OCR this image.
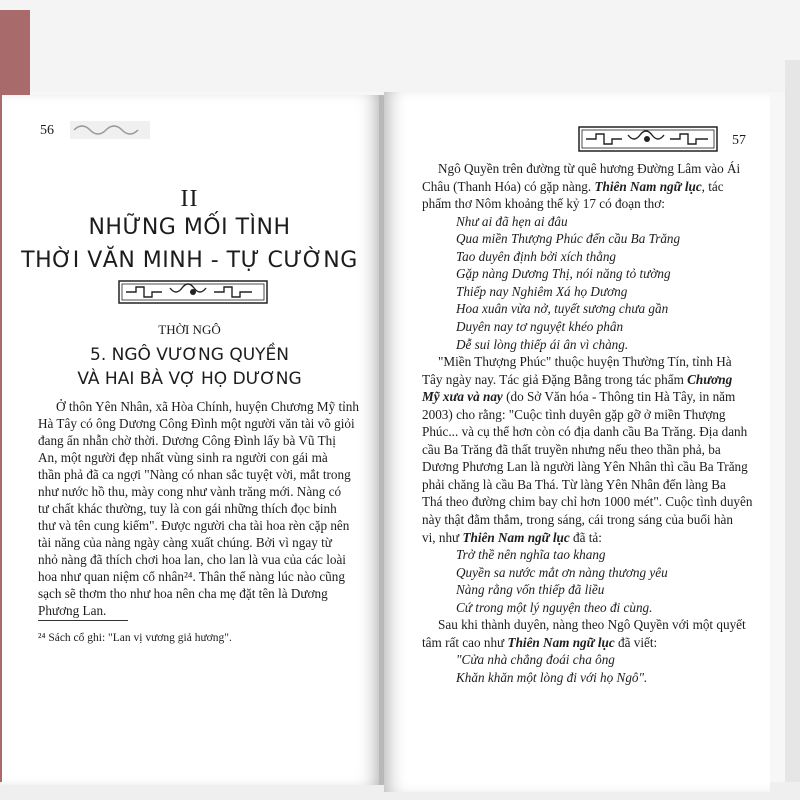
56
II
NHỮNG MỐI TÌNH
THỜI VĂN MINH - TỰ CƯỜNG
THỜI NGÔ
5. NGÔ VƯƠNG QUYỀN
VÀ HAI BÀ VỢ HỌ DƯƠNG
Ở thôn Yên Nhân, xã Hòa Chính, huyện Chương Mỹ tỉnh
Hà Tây có ông Dương Công Đình một người văn tài võ giỏi
đang ẩn nhẫn chờ thời. Dương Công Đình lấy bà Vũ Thị
An, một người đẹp nhất vùng sinh ra người con gái mà
thần phả đã ca ngợi "Nàng có nhan sắc tuyệt vời, mắt trong
như nước hồ thu, mày cong như vành trăng mới. Nàng có
tư chất khác thường, tuy là con gái những thích đọc binh
thư và tên cung kiếm". Được người cha tài hoa rèn cặp nên
tài năng của nàng ngày càng xuất chúng. Bởi vì ngay từ
nhỏ nàng đã thích chơi hoa lan, cho lan là vua của các loài
hoa như quan niệm cổ nhân²⁴. Thân thể nàng lúc nào cũng
sạch sẽ thơm tho như hoa nên cha mẹ đặt tên là Dương
Phương Lan.
²⁴ Sách cổ ghi: "Lan vị vương giả hương".
57
Ngô Quyền trên đường từ quê hương Đường Lâm vào Ái
Châu (Thanh Hóa) có gặp nàng. Thiên Nam ngữ lục, tác
phẩm thơ Nôm khoảng thế kỷ 17 có đoạn thơ:
Như ai đã hẹn ai đâu
Qua miền Thượng Phúc đến cầu Ba Trăng
Tao duyên định bởi xích thằng
Gặp nàng Dương Thị, nói năng tỏ tường
Thiếp nay Nghiêm Xá họ Dương
Hoa xuân vừa nở, tuyết sương chưa gần
Duyên nay tơ nguyệt khéo phân
Dễ sui lòng thiếp ái ân vì chàng.
"Miền Thượng Phúc" thuộc huyện Thường Tín, tỉnh Hà
Tây ngày nay. Tác giả Đặng Bằng trong tác phẩm Chương
Mỹ xưa và nay (do Sở Văn hóa - Thông tin Hà Tây, in năm
2003) cho rằng: "Cuộc tình duyên gặp gỡ ở miền Thượng
Phúc... và cụ thể hơn còn có địa danh cầu Ba Trăng. Địa danh
cầu Ba Trăng đã thất truyền nhưng nếu theo thần phả, ba
Dương Phương Lan là người làng Yên Nhân thì cầu Ba Trăng
phải chăng là cầu Ba Thá. Từ làng Yên Nhân đến làng Ba
Thá theo đường chim bay chỉ hơn 1000 mét". Cuộc tình duyên
này thật đằm thắm, trong sáng, cái trong sáng của buổi hàn
vi, như Thiên Nam ngữ lục đã tả:
Trở thề nên nghĩa tao khang
Quyền sa nước mắt ơn nàng thương yêu
Nàng rằng vốn thiếp đã liều
Cứ trong một lý nguyện theo đi cùng.
Sau khi thành duyên, nàng theo Ngô Quyền với một quyết
tâm rất cao như Thiên Nam ngữ lục đã viết:
"Cửa nhà chẳng đoái cha ông
Khăn khăn một lòng đi với họ Ngô".
